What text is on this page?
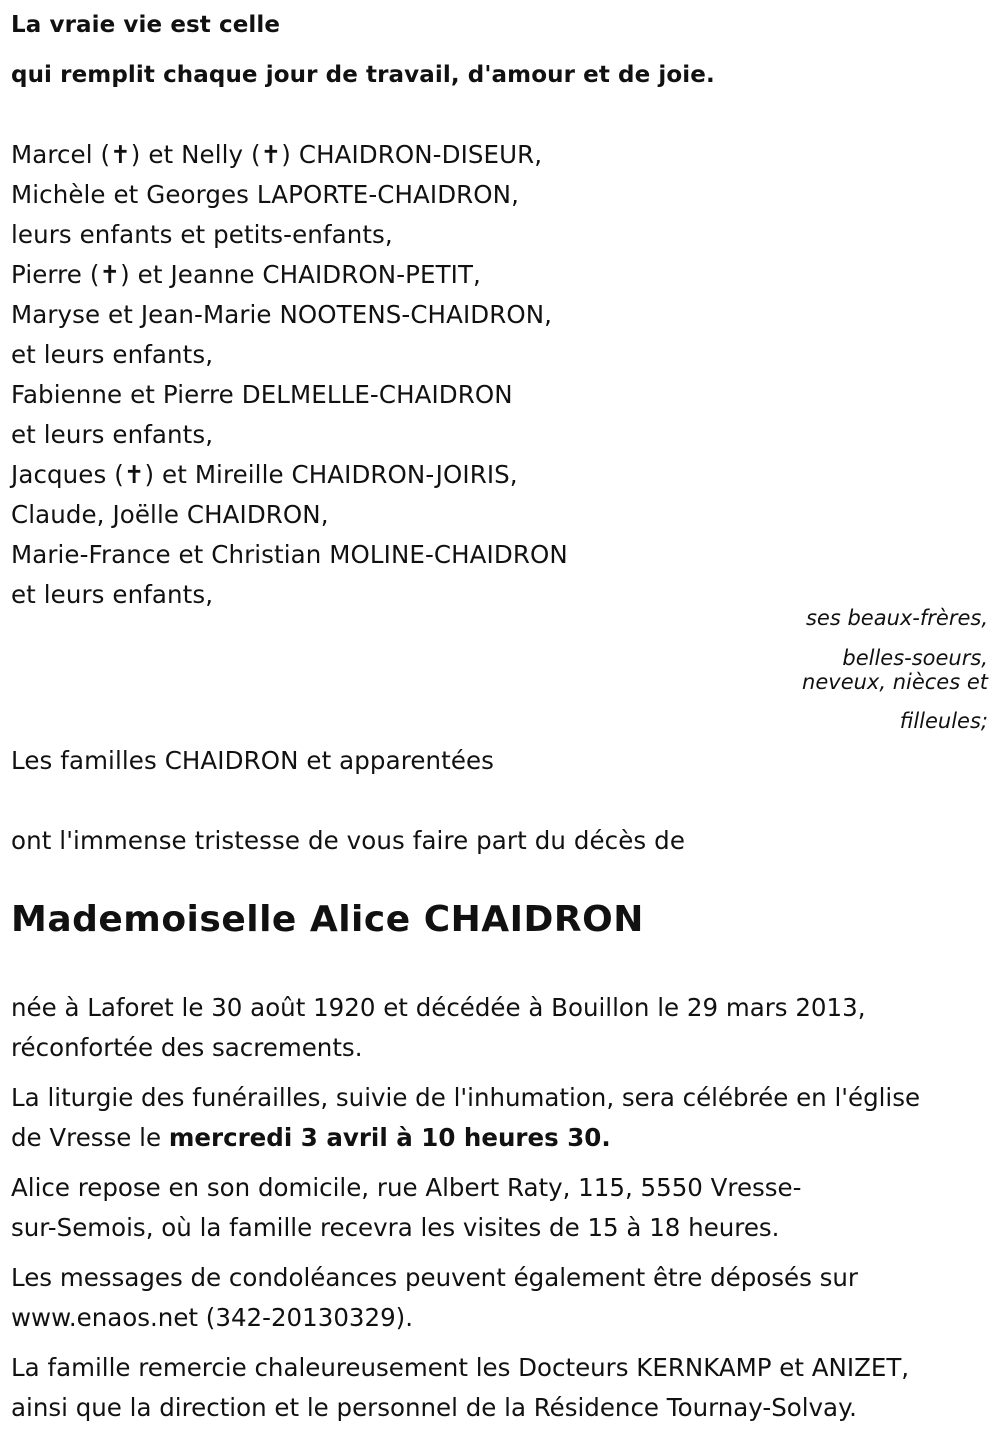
La vraie vie est celle
qui remplit chaque jour de travail, d'amour et de joie.
Marcel (✝) et Nelly (✝) CHAIDRON-DISEUR,
Michèle et Georges LAPORTE-CHAIDRON,
leurs enfants et petits-enfants,
Pierre (✝) et Jeanne CHAIDRON-PETIT,
Maryse et Jean-Marie NOOTENS-CHAIDRON,
et leurs enfants,
Fabienne et Pierre DELMELLE-CHAIDRON
et leurs enfants,
Jacques (✝) et Mireille CHAIDRON-JOIRIS,
Claude, Joëlle CHAIDRON,
Marie-France et Christian MOLINE-CHAIDRON
et leurs enfants,
ses beaux-frères,
belles-soeurs,
neveux, nièces et
filleules;
Les familles CHAIDRON et apparentées
ont l'immense tristesse de vous faire part du décès de
Mademoiselle Alice CHAIDRON
née à Laforet le 30 août 1920 et décédée à Bouillon le 29 mars 2013,
réconfortée des sacrements.
La liturgie des funérailles, suivie de l'inhumation, sera célébrée en l'église
de Vresse le mercredi 3 avril à 10 heures 30.
Alice repose en son domicile, rue Albert Raty, 115, 5550 Vresse-
sur-Semois, où la famille recevra les visites de 15 à 18 heures.
Les messages de condoléances peuvent également être déposés sur
www.enaos.net (342-20130329).
La famille remercie chaleureusement les Docteurs KERNKAMP et ANIZET,
ainsi que la direction et le personnel de la Résidence Tournay-Solvay.
